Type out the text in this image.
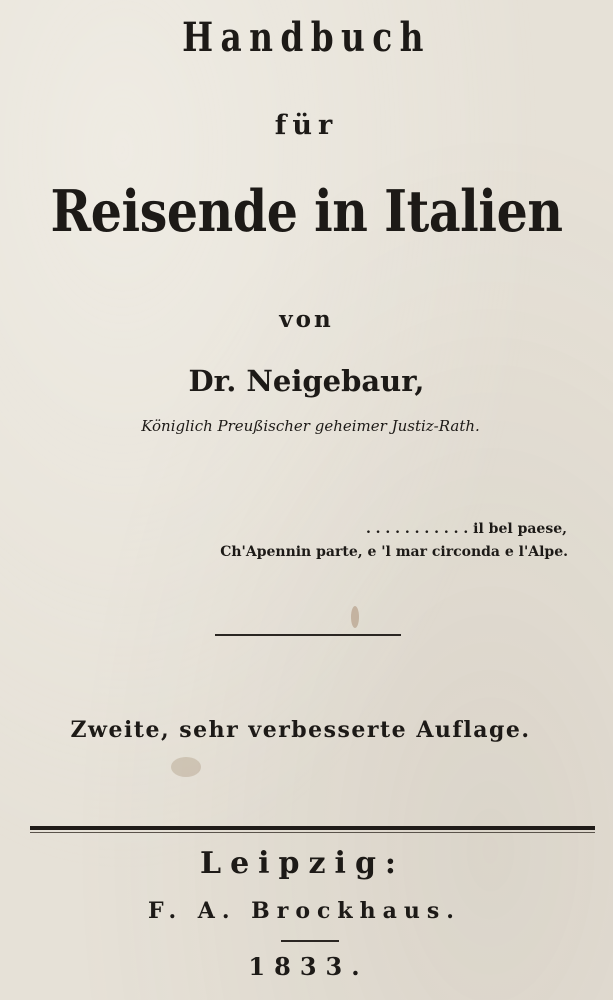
Handbuch
für
Reisende in Italien
von
Dr. Neigebaur,
Königlich Preußischer geheimer Justiz-Rath.
. . . . . . . . . . . il bel paese,
Ch'Apennin parte, e 'l mar circonda e l'Alpe.
Zweite, sehr verbesserte Auflage.
Leipzig:
F. A. Brockhaus.
1833.
